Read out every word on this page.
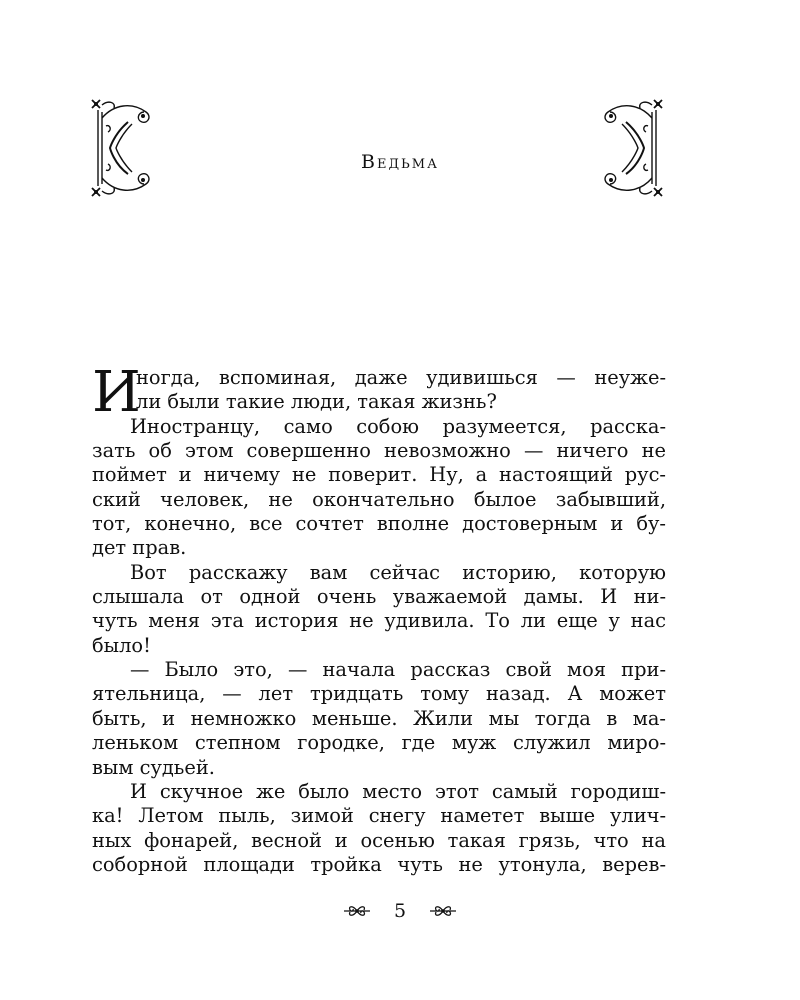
Ведьма
И
ногда, вспоминая, даже удивишься — неуже-
ли были такие люди, такая жизнь?
Иностранцу, само собою разумеется, расска-
зать об этом совершенно невозможно — ничего не
поймет и ничему не поверит. Ну, а настоящий рус-
ский человек, не окончательно былое забывший,
тот, конечно, все сочтет вполне достоверным и бу-
дет прав.
Вот расскажу вам сейчас историю, которую
слышала от одной очень уважаемой дамы. И ни-
чуть меня эта история не удивила. То ли еще у нас
было!
— Было это, — начала рассказ свой моя при-
ятельница, — лет тридцать тому назад. А может
быть, и немножко меньше. Жили мы тогда в ма-
леньком степном городке, где муж служил миро-
вым судьей.
И скучное же было место этот самый городиш-
ка! Летом пыль, зимой снегу наметет выше улич-
ных фонарей, весной и осенью такая грязь, что на
соборной площади тройка чуть не утонула, верев-
5
